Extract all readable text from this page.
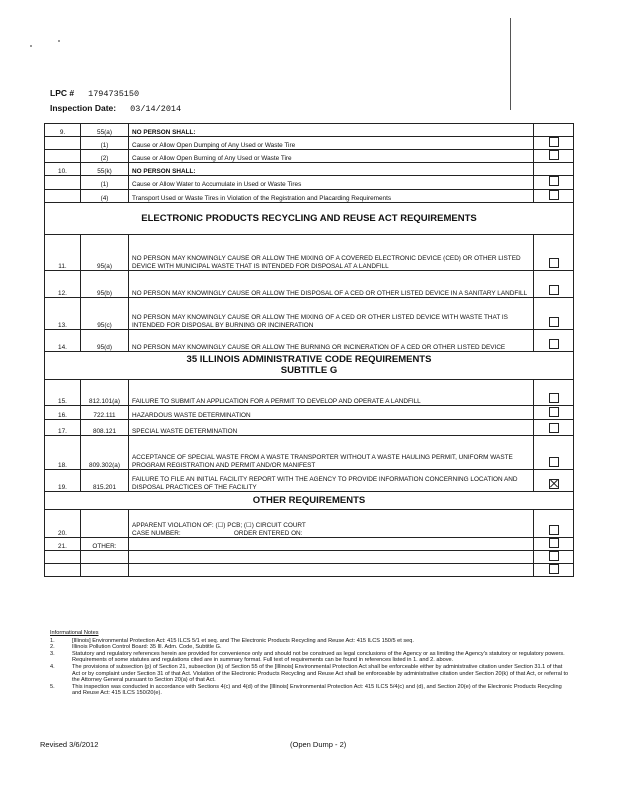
LPC # 1794735150
Inspection Date: 03/14/2014
9.	55(a)	NO PERSON SHALL:	

	(1)	Cause or Allow Open Dumping of Any Used or Waste Tire	

	(2)	Cause or Allow Open Burning of Any Used or Waste Tire	

10.	55(k)	NO PERSON SHALL:	

	(1)	Cause or Allow Water to Accumulate in Used or Waste Tires	

	(4)	Transport Used or Waste Tires in Violation of the Registration and Placarding Requirements	

ELECTRONIC PRODUCTS RECYCLING AND REUSE ACT REQUIREMENTS			

11.	95(a)	NO PERSON MAY KNOWINGLY CAUSE OR ALLOW THE MIXING OF A COVERED ELECTRONIC DEVICE (CED) OR OTHER LISTED DEVICE WITH MUNICIPAL WASTE THAT IS INTENDED FOR DISPOSAL AT A LANDFILL	

12.	95(b)	NO PERSON MAY KNOWINGLY CAUSE OR ALLOW THE DISPOSAL OF A CED OR OTHER LISTED DEVICE IN A SANITARY LANDFILL	

13.	95(c)	NO PERSON MAY KNOWINGLY CAUSE OR ALLOW THE MIXING OF A CED OR OTHER LISTED DEVICE WITH WASTE THAT IS INTENDED FOR DISPOSAL BY BURNING OR INCINERATION	

14.	95(d)	NO PERSON MAY KNOWINGLY CAUSE OR ALLOW THE BURNING OR INCINERATION OF A CED OR OTHER LISTED DEVICE	

35 ILLINOIS ADMINISTRATIVE CODE REQUIREMENTS
SUBTITLE G			

15.	812.101(a)	FAILURE TO SUBMIT AN APPLICATION FOR A PERMIT TO DEVELOP AND OPERATE A LANDFILL	

16.	722.111	HAZARDOUS WASTE DETERMINATION	

17.	808.121	SPECIAL WASTE DETERMINATION	

18.	809.302(a)	ACCEPTANCE OF SPECIAL WASTE FROM A WASTE TRANSPORTER WITHOUT A WASTE HAULING PERMIT, UNIFORM WASTE PROGRAM REGISTRATION AND PERMIT AND/OR MANIFEST	

19.	815.201	FAILURE TO FILE AN INITIAL FACILITY REPORT WITH THE AGENCY TO PROVIDE INFORMATION CONCERNING LOCATION AND DISPOSAL PRACTICES OF THE FACILITY	

OTHER REQUIREMENTS			

20.		APPARENT VIOLATION OF: (☐) PCB; (☐) CIRCUIT COURT
CASE NUMBER:                              ORDER ENTERED ON:	

21.	OTHER:	

Informational Notes
1.	[Illinois] Environmental Protection Act: 415 ILCS 5/1 et seq. and The Electronic Products Recycling and Reuse Act: 415 ILCS 150/5 et seq.
2.	Illinois Pollution Control Board: 35 Ill. Adm. Code, Subtitle G.
3.	Statutory and regulatory references herein are provided for convenience only and should not be construed as legal conclusions of the Agency or as limiting the Agency's statutory or regulatory powers. Requirements of some statutes and regulations cited are in summary format. Full text of requirements can be found in references listed in 1. and 2. above.
4.	The provisions of subsection (p) of Section 21, subsection (k) of Section 55 of the [Illinois] Environmental Protection Act shall be enforceable either by administrative citation under Section 31.1 of that Act or by complaint under Section 31 of that Act. Violation of the Electronic Products Recycling and Reuse Act shall be enforceable by administrative citation under Section 20(k) of that Act, or referral to the Attorney General pursuant to Section 20(a) of that Act.
5.	This inspection was conducted in accordance with Sections 4(c) and 4(d) of the [Illinois] Environmental Protection Act: 415 ILCS 5/4(c) and (d), and Section 20(e) of the Electronic Products Recycling and Reuse Act: 415 ILCS 150/20(e).
Revised 3/6/2012	(Open Dump - 2)
